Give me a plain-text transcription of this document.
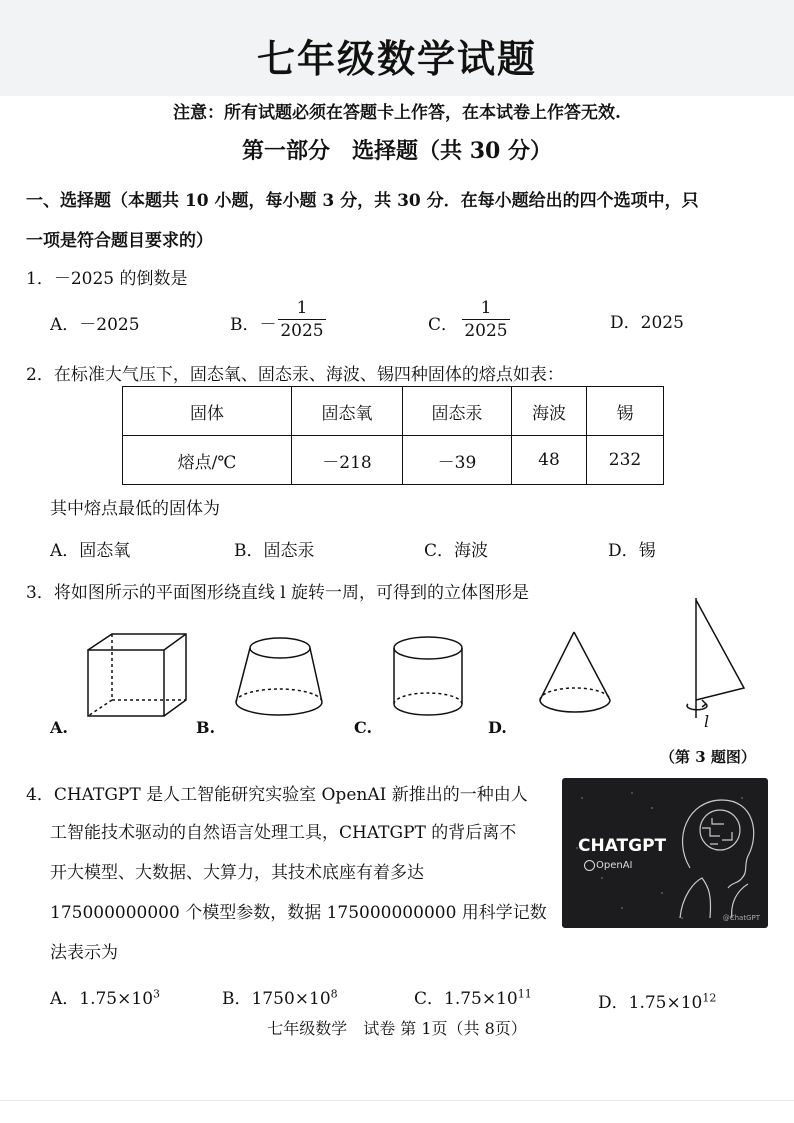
七年级数学试题
注意：所有试题必须在答题卡上作答，在本试卷上作答无效.
第一部分　选择题（共 30 分）
一、选择题（本题共 10 小题，每小题 3 分，共 30 分．在每小题给出的四个选项中，只
一项是符合题目要求的）
1．－2025 的倒数是
A．－2025	B．－ $\frac{1}{2025}$	C． $\frac{1}{2025}$	D．2025
2．在标准大气压下，固态氧、固态汞、海波、锡四种固体的熔点如表：
固体	固态氧	固态汞	海波	锡
熔点/℃	－218	－39	48	232
其中熔点最低的固体为
A．固态氧	B．固态汞	C．海波	D．锡
3．将如图所示的平面图形绕直线 l 旋转一周，可得到的立体图形是
A.	B.	C.	D.	l
（第 3 题图）
4．CHATGPT 是人工智能研究实验室 OpenAI 新推出的一种由人
工智能技术驱动的自然语言处理工具，CHATGPT 的背后离不
开大模型、大数据、大算力，其技术底座有着多达
175000000000 个模型参数，数据 175000000000 用科学记数
法表示为
CHATGPT
OpenAI
@ChatGPT
A．$1.75\times 10^3$	B．$1750\times 10^8$	C．$1.75\times 10^{11}$	D．$1.75\times 10^{12}$
七年级数学　试卷 第 1页（共 8页）
